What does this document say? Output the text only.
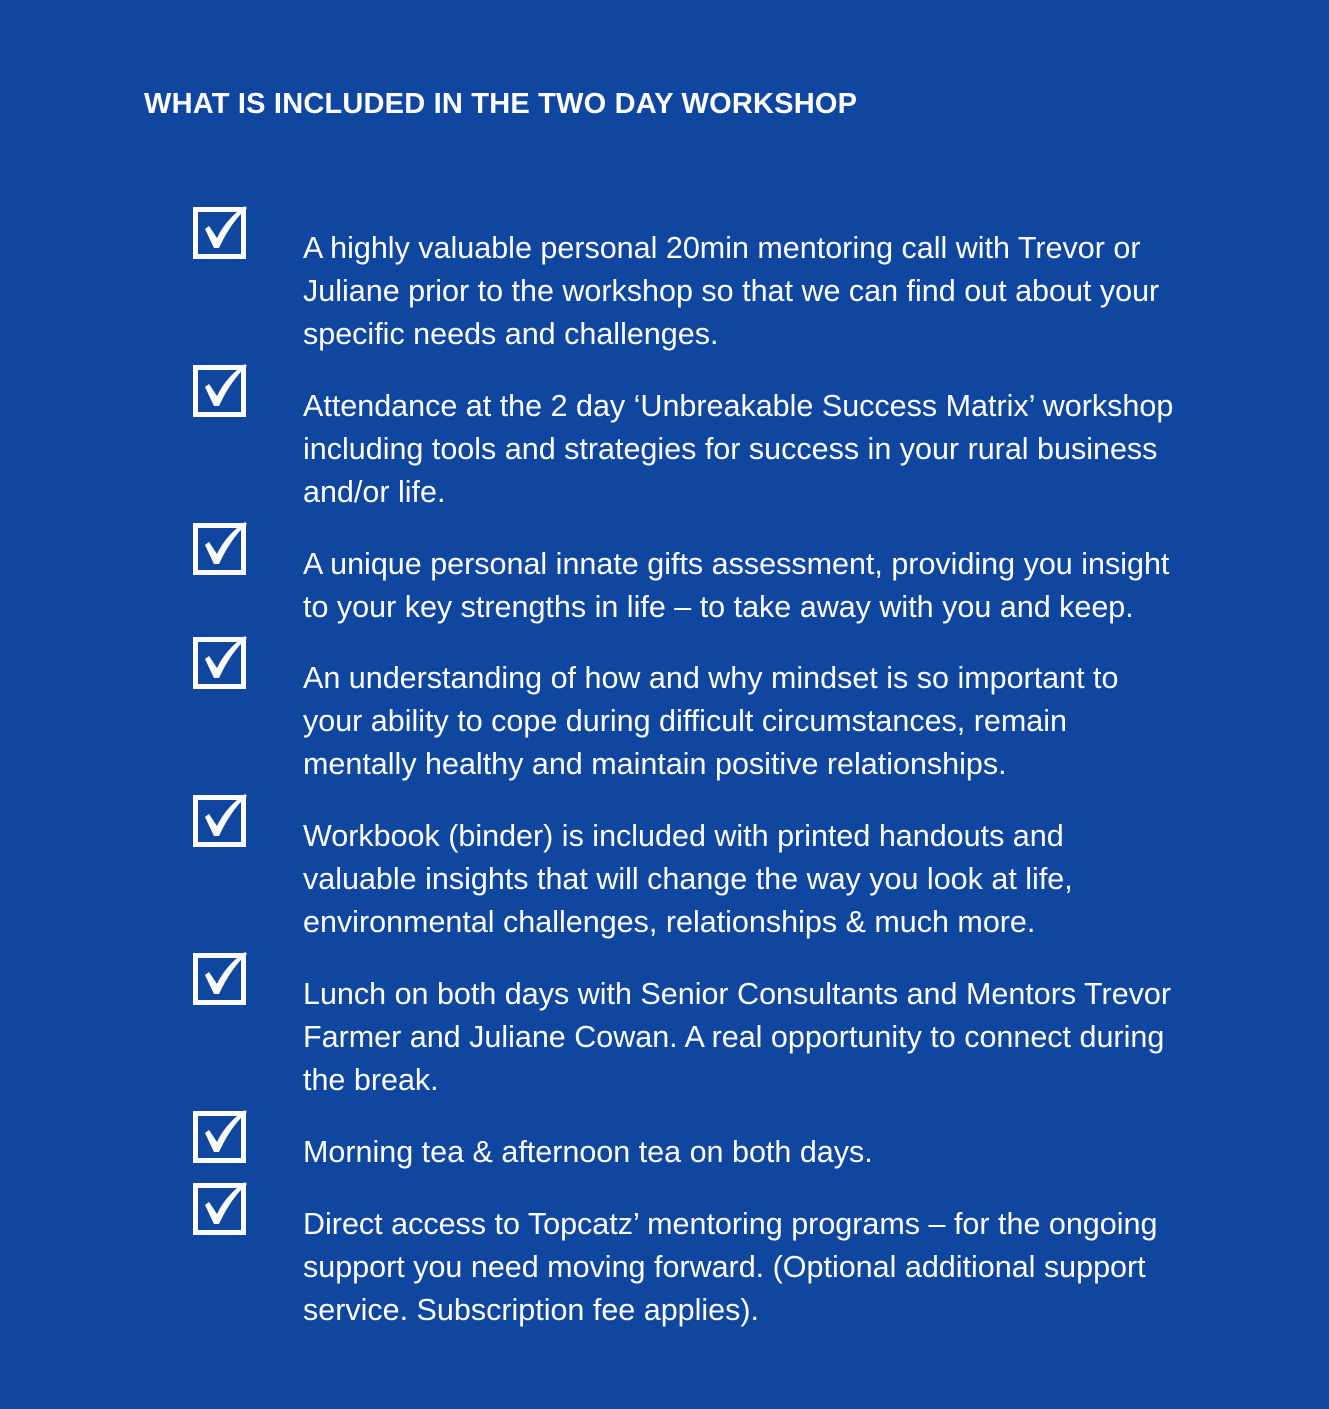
WHAT IS INCLUDED IN THE TWO DAY WORKSHOP
A highly valuable personal 20min mentoring call with Trevor or
Juliane prior to the workshop so that we can find out about your
specific needs and challenges.
Attendance at the 2 day ‘Unbreakable Success Matrix’ workshop
including tools and strategies for success in your rural business
and/or life.
A unique personal innate gifts assessment, providing you insight
to your key strengths in life – to take away with you and keep.
An understanding of how and why mindset is so important to
your ability to cope during difficult circumstances, remain
mentally healthy and maintain positive relationships.
Workbook (binder) is included with printed handouts and
valuable insights that will change the way you look at life,
environmental challenges, relationships & much more.
Lunch on both days with Senior Consultants and Mentors Trevor
Farmer and Juliane Cowan. A real opportunity to connect during
the break.
Morning tea & afternoon tea on both days.
Direct access to Topcatz’ mentoring programs – for the ongoing
support you need moving forward. (Optional additional support
service. Subscription fee applies).
